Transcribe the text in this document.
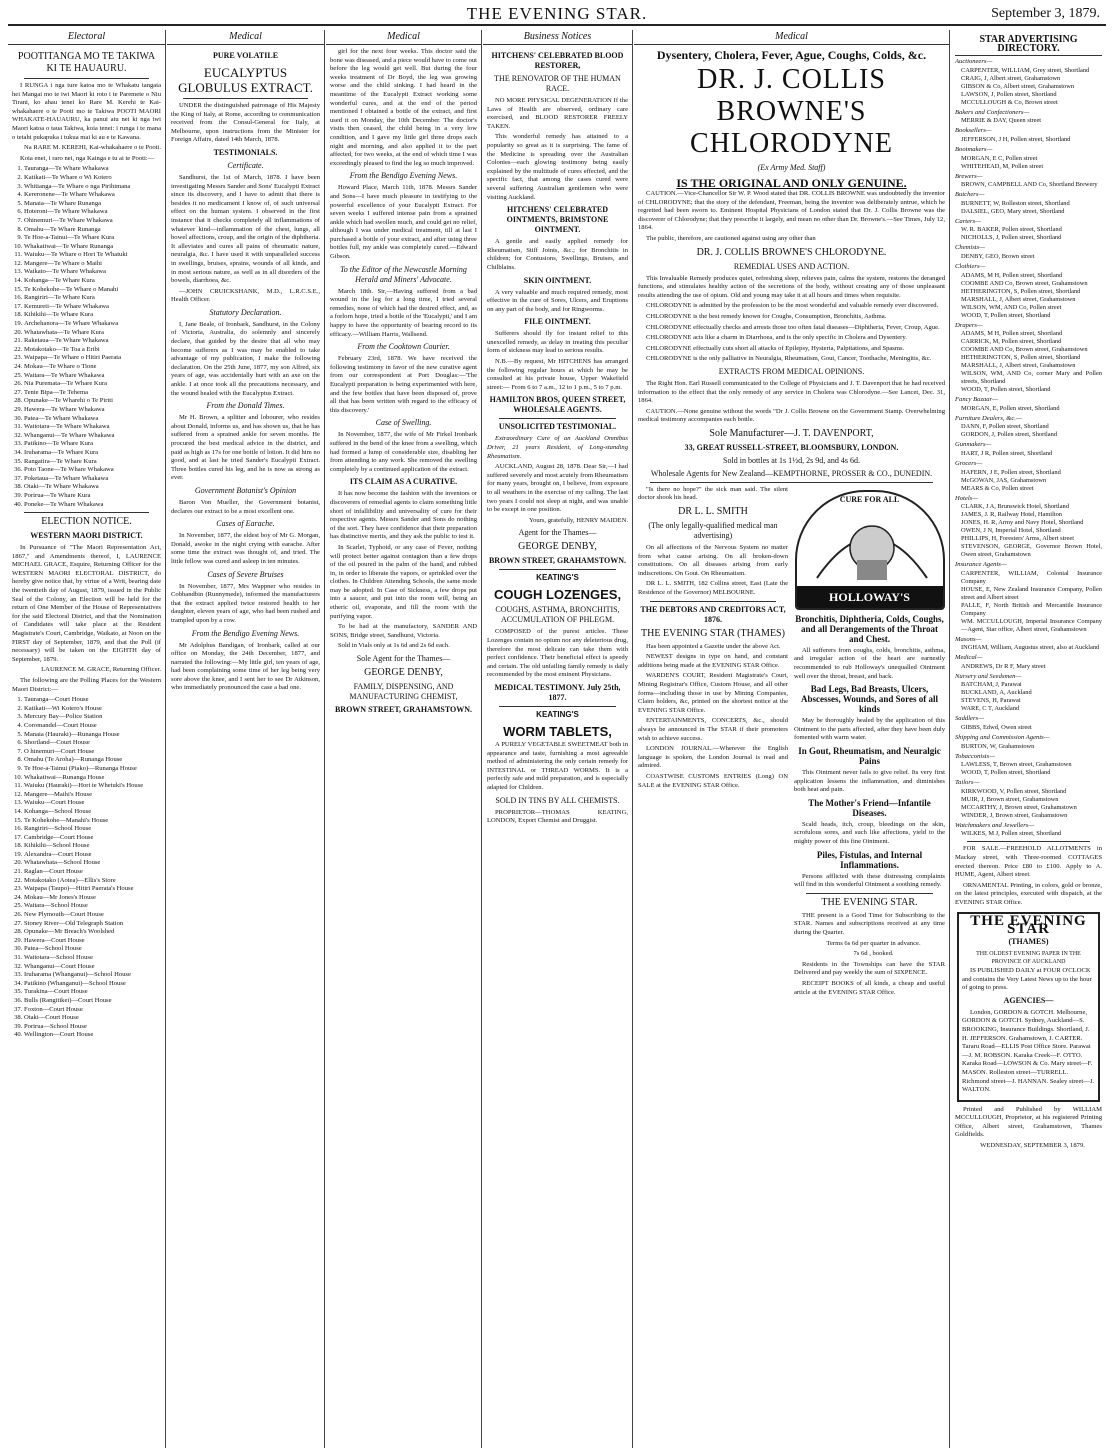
THE EVENING STAR.	September 3, 1879.
Electoral
POOTITANGA MO TE TAKIWA KI TE HAUAURU.

I RUNGA i nga ture katoa mo te Whakatu tangata hei Mangai mo te iwi Maori ki roto i te Paremete o Niu Tirani, ko ahau tenei ko Rare M. Kerehi te Kai-whakahaere o te Pooti mo te Takiwa POOTI MAORI WHAKATE-HAUAURU, ka panui atu nei ki nga iwi Maori katoa o taua Takiwa, koia tenei: i runga i te mana o tetahi pukapuka i tukua mai ki au e te Kawana.

Na RARE M. KEREHI, Kai-whakahaere o te Pooti.

Koia enei, i raro nei, nga Kainga e tu ai te Pooti:—

1. Tauranga—Te Whare Whakawa
2. Katikati—Te Whare o Wi Kotero
3. Whitianga—Te Whare o nga Pirihimana
4. Kereronene—Te Whare Whakawa
5. Manaia—Te Whare Runanga
6. Hoteroni—Te Whare Whakawa
7. Ohinemuri—Te Whare Whakawa
8. Omahu—Te Whare Runanga
9. Te Hoe-a-Tainui—Te Whare Kura
10. Whakatiwai—Te Whare Runanga
11. Waiuku—Te Whare o Hori Te Whatuki
12. Mangere—Te Whare o Maihi
13. Waikato—Te Whare Whakawa
14. Kohanga—Te Whare Kura
15. Te Kohekohe—Te Whare o Manahi
16. Rangiriri—Te Whare Kura
17. Kemureti—Te Whare Whakawa
18. Kihikihi—Te Whare Kura
19. Archehanora—Te Whare Whakawa
20. Whatawhata—Te Whare Kura
21. Raketaua—Te Whare Whakawa
22. Motakotako—Te Toa a Eribi
23. Waipapa—Te Whare o Hitiri Paerata
24. Mokau—Te Whare o Tione
25. Waitara—Te Whare Whakawa
26. Nia Puremata—Te Whare Kura
27. Tente Bipa—Te Tehema
28. Opunake—Te Wharehi o Te Piriti
29. Hawera—Te Whare Whakawa
30. Patea—Te Whare Whakawa
31. Waitotara—Te Whare Whakawa
32. Whanganui—Te Whare Whakawa
33. Patikino—Te Whare Kura
34. Iruharama—Te Whare Kura
35. Rangatira—Te Whare Kura
36. Poto Taone—Te Whare Whakawa
37. Poketaua—Te Whare Whakawa
38. Otaki—Te Whare Whakawa
39. Porirua—Te Whare Kura
40. Poneke—Te Whare Whakawa
ELECTION NOTICE.
WESTERN MAORI DISTRICT.

In Pursuance of "The Maori Representation Act, 1867," and Amendments thereof, I, LAURENCE MICHAEL GRACE, Esquire, Returning Officer for the WESTERN MAORI ELECTORAL DISTRICT, do hereby give notice that, by virtue of a Writ, bearing date the twentieth day of August, 1879, issued in the Public Seal of the Colony, an Election will be held for the return of One Member of the House of Representatives for the said Electoral District, and that the Nomination of Candidates will take place at the Resident Magistrate's Court, Cambridge, Waikato, at Noon on the FIRST day of September, 1879, and that the Poll (if necessary) will be taken on the EIGHTH day of September, 1879.

LAURENCE M. GRACE, Returning Officer.

The following are the Polling Places for the Western Maori District:—

1. Tauranga—Court House
2. Katikati—Wi Kotero's House
3. Mercury Bay—Police Station
4. Coromandel—Court House
5. Manaia (Hauraki)—Runanga House
6. Shortland—Court House
7. O hinemuri—Court House
8. Omahu (Te Aroha)—Runanga House
9. Te Hoe-a-Tainui (Piako)—Runanga House
10. Whakatiwai—Runanga House
11. Waiuku (Hauraki)—Hori te Whetuki's House
12. Mangere—Maihi's House
13. Waiuku—Court House
14. Kohanga—School House
15. Te Kohekohe—Manahi's House
16. Rangiriri—School House
17. Cambridge—Court House
18. Kihikihi—School House
19. Alexandra—Court House
20. Whatawhata—School House
21. Raglan—Court House
22. Motakotako (Aotea)—Ellis's Store
23. Waipapa (Taupo)—Hitiri Paerata's House
24. Mokau—Mr Jones's House
25. Waitara—School House
26. New Plymouth—Court House
27. Stoney River—Old Telegraph Station
28. Opunake—Mr Breach's Woolshed
29. Hawera—Court House
30. Patea—School House
31. Waitotara—School House
32. Whanganui—Court House
33. Iruharama (Whanganui)—School House
34. Patikino (Whanganui)—School House
35. Turakina—Court House
36. Bulls (Rangitikei)—Court House
37. Foxton—Court House
38. Otaki—Court House
39. Porirua—School House
40. Wellington—Court House
Medical
PURE VOLATILE
EUCALYPTUS GLOBULUS EXTRACT.

UNDER the distinguished patronage of His Majesty the King of Italy, at Rome, according to communication received from the Consul-General for Italy, at Melbourne, upon instructions from the Minister for Foreign Affairs, dated 14th March, 1878.

TESTIMONIALS.
Certificate.

Sandhurst, the 1st of March, 1878. I have been investigating Messrs Sander and Sons' Eucalypti Extract since its discovery, and I have to admit that there is besides it no medicament I know of, of such universal effect on the human system. I observed in the first instance that it checks completely all inflammations of whatever kind—inflammation of the chest, lungs, all bowel affections, croup, and the origin of the diphtheria. It alleviates and cures all pains of rheumatic nature, neuralgia, &c. I have used it with unparalleled success in swellings, bruises, sprains, wounds of all kinds, and in most serious nature, as well as in all disorders of the bowels, diarrhoea, &c.

—JOHN CRUICKSHANK, M.D., L.R.C.S.E., Health Officer.

Statutory Declaration.

I, Jane Beale, of Ironbark, Sandhurst, in the Colony of Victoria, Australia, do solemnly and sincerely declare, that guided by the desire that all who may become sufferers as I was may be enabled to take advantage of my publication, I make the following declaration. On the 25th June, 1877, my son Alfred, six years of age, was accidentally hurt with an axe on the ankle. I at once took all the precautions necessary, and the wound healed with the Eucalyptus Extract.

From the Donald Times.

Mr H. Brown, a splitter and lobourer, who resides about Donald, informs us, and has shown us, that he has suffered from a sprained ankle for seven months. He procured the best medical advice in the district, and paid as high as 17s for one bottle of lotion. It did him no good, and at last he tried Sander's Eucalypti Extract. Three bottles cured his leg, and he is now as strong as ever.

Government Botanist's Opinion

Baron Von Mueller, the Government botanist, declares our extract to be a most excellent one.

Cases of Earache.

In November, 1877, the eldest boy of Mr G. Morgan, Donald, awoke in the night crying with earache. After some time the extract was thought of, and tried. The little fellow was cured and asleep in ten minutes.

Cases of Severe Bruises

In November, 1877, Mrs Wappner who resides in Cobbandbin (Runnymede), informed the manufacturers that the extract applied twice restored health to her daughter, eleven years of age, who had been rushed and trampled upon by a cow.

From the Bendigo Evening News.

Mr Adolphus Bandigan, of Ironbark, called at our office on Monday, the 24th December, 1877, and narrated the following:—My little girl, ten years of age, had been complaining some time of her leg being very sore above the knee, and I sent her to see Dr Atkinson, who immediately pronounced the case a bad one.

Medical

girl for the next four weeks. This doctor said the bone was diseased, and a piece would have to come out before the leg would get well. But during the four weeks treatment of Dr Boyd, the leg was growing worse and the child sinking. I had heard in the meantime of the Eucalypti Extract working some wonderful cures, and at the end of the period mentioned I obtained a bottle of the extract, and first used it on Monday, the 10th December. The doctor's visits then ceased, the child being in a very low condition, and I gave my little girl three drops each night and morning, and also applied it to the part affected, for two weeks, at the end of which time I was exceedingly pleased to find the leg so much improved.

From the Bendigo Evening News.

Howard Place, March 11th, 1878. Messrs Sander and Sons—I have much pleasure in testifying to the powerful excellence of your Eucalypti Extract. For seven weeks I suffered intense pain from a sprained ankle which had swollen much, and could get no relief, although I was under medical treatment, till at last I purchased a bottle of your extract, and after using three bottles full, my ankle was completely cured.—Edward Gibson.

To the Editor of the Newcastle Morning Herald and Miners' Advocate.

March 18th. Sir,—Having suffered from a bad wound in the leg for a long time, I tried several remedies, none of which had the desired effect, and, as a forlorn hope, tried a bottle of the 'Eucalypti,' and I am happy to have the opportunity of bearing record to its efficacy.—William Harris, Wallsend.

From the Cooktown Courier.

February 23rd, 1878. We have received the following testimony in favor of the new curative agent from our correspondent at Port Douglas:—'The Eucalypti preparation is being experimented with here, and the few bottles that have been disposed of, prove all that has been written with regard to the efficacy of this discovery.'

Case of Swelling.

In November, 1877, the wife of Mr Firkel Ironbark suffered in the bend of the knee from a swelling, which had formed a lump of considerable size, disabling her from attending to any work. She removed the swelling completely by a continued application of the extract.

ITS CLAIM AS A CURATIVE.

It has now become the fashion with the inventors or discoverers of remedial agents to claim something little short of infallibility and universality of cure for their respective agents. Messrs Sander and Sons do nothing of the sort. They have confidence that their preparation has distinctive merits, and they ask the public to test it.

In Scarlet, Typhoid, or any case of Fever, nothing will protect better against contagion than a few drops of the oil poured in the palm of the hand, and rubbed in, in order to liberate the vapors, or sprinkled over the clothes. In Children Attending Schools, the same mode may be adopted. In Case of Sickness, a few drops put into a saucer, and put into the room will, being an etheric oil, evaporate, and fill the room with the purifying vapor.

To be had at the manufactory, SANDER AND SONS, Bridge street, Sandhurst, Victoria.

Sold in Vials only at 1s 6d and 2s 6d each.

Sole Agent for the Thames—
GEORGE DENBY,
FAMILY, DISPENSING, AND MANUFACTURING CHEMIST,
BROWN STREET, GRAHAMSTOWN.
Business Notices
HITCHENS' CELEBRATED BLOOD RESTORER,
THE RENOVATOR OF THE HUMAN RACE.

NO MORE PHYSICAL DEGENERATION If the Laws of Health are observed, ordinary care exercised, and BLOOD RESTORER FREELY TAKEN.

This wonderful remedy has attained to a popularity so great as it is surprising. The fame of the Medicine is spreading over the Australian Colonies—each glowing testimony being easily explained by the multitude of cures effected, and the specific fact, that among the cases cured were several suffering Australian gentlemen who were visiting Auckland.

HITCHENS' CELEBRATED OINTMENTS, BRIMSTONE OINTMENT.

A gentle and easily applied remedy for Rheumatism, Stiff Joints, &c.; for Bronchitis in children; for Contusions, Swellings, Bruises, and Chilblains.

SKIN OINTMENT.

A very valuable and much required remedy, most effective in the cure of Sores, Ulcers, and Eruptions on any part of the body, and for Ringworms.

FILE OINTMENT.

Sufferers should fly for instant relief to this unexcelled remedy, as delay in treating this peculiar form of sickness may lead to serious results.

N.B.—By request, Mr HITCHENS has arranged the following regular hours at which he may be consulted at his private house, Upper Wakefield street:— From 6 to 7 a.m., 12 to 1 p.m., 5 to 7 p.m.

HAMILTON BROS, QUEEN STREET, WHOLESALE AGENTS.
UNSOLICITED TESTIMONIAL.

Extraordinary Cure of an Auckland Omnibus Driver, 21 years Resident, of Long-standing Rheumatism.

AUCKLAND, August 28, 1878. Dear Sir,—I had suffered severely and most acutely from Rheumatism for many years, brought on, I believe, from exposure to all weathers in the exercise of my calling. The last two years I could not sleep at night, and was unable to be except in one position.

Yours, gratefully, HENRY MAIDEN.

Agent for the Thames—
GEORGE DENBY,
BROWN STREET, GRAHAMSTOWN.
KEATING'S
COUGH LOZENGES,
COUGHS, ASTHMA, BRONCHITIS, ACCUMULATION OF PHLEGM.

COMPOSED of the purest articles. These Lozenges contain no opium nor any deleterious drug, therefore the most delicate can take them with perfect confidence. Their beneficial effect is speedy and certain. The old unfailing family remedy is daily recommended by the most eminent Physicians.

MEDICAL TESTIMONY. July 25th, 1877.
KEATING'S
WORM TABLETS,

A PURELY VEGETABLE SWEETMEAT both in appearance and taste, furnishing a most agreeable method of administering the only certain remedy for INTESTINAL or THREAD WORMS. It is a perfectly safe and mild preparation, and is especially adapted for Children.

SOLD IN TINS BY ALL CHEMISTS.

PROPRIETOR—THOMAS KEATING, LONDON, Export Chemist and Druggist.

Medical
Dysentery, Cholera, Fever, Ague, Coughs, Colds, &c.
DR. J. COLLIS BROWNE'S CHLORODYNE
(Ex Army Med. Staff)
IS THE ORIGINAL AND ONLY GENUINE.

CAUTION.—Vice-Chancellor Sir W. P. Wood stated that DR. COLLIS BROWNE was undoubtedly the inventor of CHLORODYNE; that the story of the defendant, Freeman, being the inventor was deliberately untrue, which he regretted had been sworn to. Eminent Hospital Physicians of London stated that Dr. J. Collis Browne was the discoverer of Chlorodyne; that they prescribe it largely, and mean no other than Dr. Browne's.—See Times, July 12, 1864.

The public, therefore, are cautioned against using any other than

DR. J. COLLIS BROWNE'S CHLORODYNE.
REMEDIAL USES AND ACTION.

This Invaluable Remedy produces quiet, refreshing sleep, relieves pain, calms the system, restores the deranged functions, and stimulates healthy action of the secretions of the body, without creating any of those unpleasant results attending the use of opium. Old and young may take it at all hours and times when requisite.

CHLORODYNE is admitted by the profession to be the most wonderful and valuable remedy ever discovered.

CHLORODYNE is the best remedy known for Coughs, Consumption, Bronchitis, Asthma.

CHLORODYNE effectually checks and arrests those too often fatal diseases—Diphtheria, Fever, Croup, Ague.

CHLORODYNE acts like a charm in Diarrhoea, and is the only specific in Cholera and Dysentery.

CHLORODYNE effectually cuts short all attacks of Epilepsy, Hysteria, Palpitations, and Spasms.

CHLORODYNE is the only palliative in Neuralgia, Rheumatism, Gout, Cancer, Toothache, Meningitis, &c.

EXTRACTS FROM MEDICAL OPINIONS.

The Right Hon. Earl Russell communicated to the College of Physicians and J. T. Davenport that he had received information to the effect that the only remedy of any service in Cholera was Chlorodyne.—See Lancet, Dec. 31, 1864.

CAUTION.—None genuine without the words "Dr J. Collis Browne on the Government Stamp. Overwhelming medical testimony accompanies each bottle.

Sole Manufacturer—J. T. DAVENPORT,
33, GREAT RUSSELL-STREET, BLOOMSBURY, LONDON.
Sold in bottles at 1s 1½d, 2s 9d, and 4s 6d.
Wholesale Agents for New Zealand—KEMPTHORNE, PROSSER & CO., DUNEDIN.

"Is there no hope?" the sick man said. The silent doctor shook his head.

DR L. L. SMITH
(The only legally-qualified medical man advertising)

On all affections of the Nervous System no matter from what cause arising. On all broken-down constitutions. On all diseases arising from early indiscretions. On Gout. On Rheumatism.

DR L. L. SMITH, 182 Collins street, East (Late the Residence of the Governor) MELBOURNE.

THE DEBTORS AND CREDITORS ACT, 1876.
THE EVENING STAR (THAMES)

Has been appointed a Gazette under the above Act.

NEWEST designs in type on hand, and constant additions being made at the EVENING STAR Office.

WARDEN'S COURT, Resident Magistrate's Court, Mining Registrar's Office, Custom House, and all other forms—including those in use by Mining Companies, Claim holders, &c, printed on the shortest notice at the EVENING STAR Office.

ENTERTAINMENTS, CONCERTS, &c., should always be announced in The STAR if their promoters wish to achieve success.

LONDON JOURNAL.—Wherever the English language is spoken, the London Journal is read and admired.

COASTWISE CUSTOMS ENTRIES (Long) ON SALE at the EVENING STAR Office.

CURE FOR ALL
HOLLOWAY'S
Bronchitis, Diphtheria, Colds, Coughs, and all Derangements of the Throat and Chest.

All sufferers from coughs, colds, bronchitis, asthma, and irregular action of the heart are earnestly recommended to rub Holloway's unequalled Ointment well over the throat, breast, and back.

Bad Legs, Bad Breasts, Ulcers, Abscesses, Wounds, and Sores of all kinds

May be thoroughly healed by the application of this Ointment to the parts affected, after they have been duly fomented with warm water.

In Gout, Rheumatism, and Neuralgic Pains

This Ointment never fails to give relief. Its very first application lessens the inflammation, and diminishes both heat and pain.

The Mother's Friend—Infantile Diseases.

Scald heads, itch, croup, bleedings on the skin, scrofulous sores, and such like affections, yield to the mighty power of this fine Ointment.

Piles, Fistulas, and Internal Inflammations.

Persons afflicted with these distressing complaints will find in this wonderful Ointment a soothing remedy.

THE EVENING STAR.

THE present is a Good Time for Subscribing to the STAR. Names and subscriptions received at any time during the Quarter.

Terms 6s 6d per quarter in advance.

7s 6d , booked.

Residents in the Townships can have the STAR Delivered and pay weekly the sum of SIXPENCE.

RECEIPT BOOKS of all kinds, a cheap and useful article at the EVENING STAR Office.

STAR ADVERTISING DIRECTORY.
Auctioneers—
CARPENTER, WILLIAM, Grey street, Shortland
CRAIG, J, Albert street, Grahamstown
GIBSON & Co, Albert street, Grahamstown
LAWSON, J, Pollen street, Shortland
MCCULLOUGH & Co, Brown street
Bakers and Confectioners—
MERRIE & DAY, Queen street
Booksellers—
JEFFERSON, J H, Pollen street, Shortland
Bootmakers—
MORGAN, E C, Pollen street
WHITEHEAD, M, Pollen street
Brewers—
BROWN, CAMPBELL AND Co, Shortland Brewery
Butchers—
BURNETT, W, Rolleston street, Shortland
DALSIEL, GEO, Mary street, Shortland
Carters—
W. R. BAKER, Pollen street, Shortland
NICHOLLS, J, Pollen street, Shortland
Chemists—
DENBY, GEO, Brown street
Clothiers—
ADAMS, M H, Pollen street, Shortland
COOMBE AND Co, Brown street, Grahamstown
HETHERINGTON, S, Pollen street, Shortland
MARSHALL, J, Albert street, Grahamstown
WILSON, WM, AND Co, Pollen street
WOOD, T, Pollen street, Shortland
Drapers—
ADAMS, M H, Pollen street, Shortland
CARRICK, M, Pollen street, Shortland
COOMBE AND Co, Brown street, Grahamstown
HETHERINGTON, S, Pollen street, Shortland
MARSHALL, J, Albert street, Grahamstown
WILSON, WM, AND Co, corner Mary and Pollen streets, Shortland
WOOD, T, Pollen street, Shortland
Fancy Bazaar—
MORGAN, E, Pollen street, Shortland
Furniture Dealers, &c.—
DANN, F, Pollen street, Shortland
GORDON, J, Pollen street, Shortland
Gunmakers—
HART, J R, Pollen street, Shortland
Grocers—
HAFERN, J E, Pollen street, Shortland
McGOWAN, JAS, Grahamstown
MEARS & Co, Pollen street
Hotels—
CLARK, J A, Brunswick Hotel, Shortland
JAMES, J. R, Railway Hotel, Hamilton
JONES, H. R, Army and Navy Hotel, Shortland
OWEN, J N, Imperial Hotel, Shortland
PHILLIPS, H, Foresters' Arms, Albert street
STEVENSON, GEORGE, Governor Brown Hotel, Owen street, Grahamstown
Insurance Agents—
CARPENTER, WILLIAM, Colonial Insurance Company
HOUSE, E, New Zealand Insurance Company, Pollen street and Albert street
PALLE, F, North British and Mercantile Insurance Company
WM. MCCULLOUGH, Imperial Insurance Company—Agent, Star office, Albert street, Grahamstown
Masons—
INGHAM, William, Augustus street, also at Auckland
Medical—
ANDREWS, Dr R F, Mary street
Nursery and Seedsmen—
BATCHAM, J, Parawai
BUCKLAND, A, Auckland
STEVENS, H, Parawai
WARE, C T, Auckland
Saddlers—
GIBBS, Edwd, Owen street
Shipping and Commission Agents—
BURTON, W, Grahamstown
Tobacconists—
LAWLESS, T, Brown street, Grahamstown
WOOD, T, Pollen street, Shortland
Tailors—
KIRKWOOD, V, Pollen street, Shortland
MUIR, J, Brown street, Grahamstown
MCCARTHY, J, Brown street, Grahamstown
WINDER, J, Brown street, Grahamstown
Watchmakers and Jewellers—
WILKES, M J, Pollen street, Shortland

FOR SALE.—FREEHOLD ALLOTMENTS in Mackay street, with Three-roomed COTTAGES erected thereon. Price £80 to £100. Apply to A. HUME, Agent, Albert street.

ORNAMENTAL Printing, in colors, gold or bronze, on the latest principles, executed with dispatch, at the EVENING STAR Office.

THE EVENING STAR
(THAMES)
THE OLDEST EVENING PAPER IN THE PROVINCE OF AUCKLAND

IS PUBLISHED DAILY at FOUR O'CLOCK and contains the Very Latest News up to the hour of going to press.

AGENCIES—

London, GORDON & GOTCH. Melbourne, GORDON & GOTCH. Sydney, Auckland—S. BROOKING, Insurance Buildings. Shortland, J. H. JEFFERSON. Grahamstown, J. CARTER. Tararu Road—ELLIS Post Office Store. Parawai—J. M. ROBSON. Karaka Creek—F. OTTO. Karaka Road—LOWSON & Co. Mary street—F. MASON. Rolleston street—TURRELL. Richmond street—J. HANNAN. Sealey street—J. WALTON.

Printed and Published by WILLIAM MCCULLOUGH, Proprietor, at his registered Printing Office, Albert street, Grahamstown, Thames Goldfields.

WEDNESDAY, SEPTEMBER 3, 1879.
